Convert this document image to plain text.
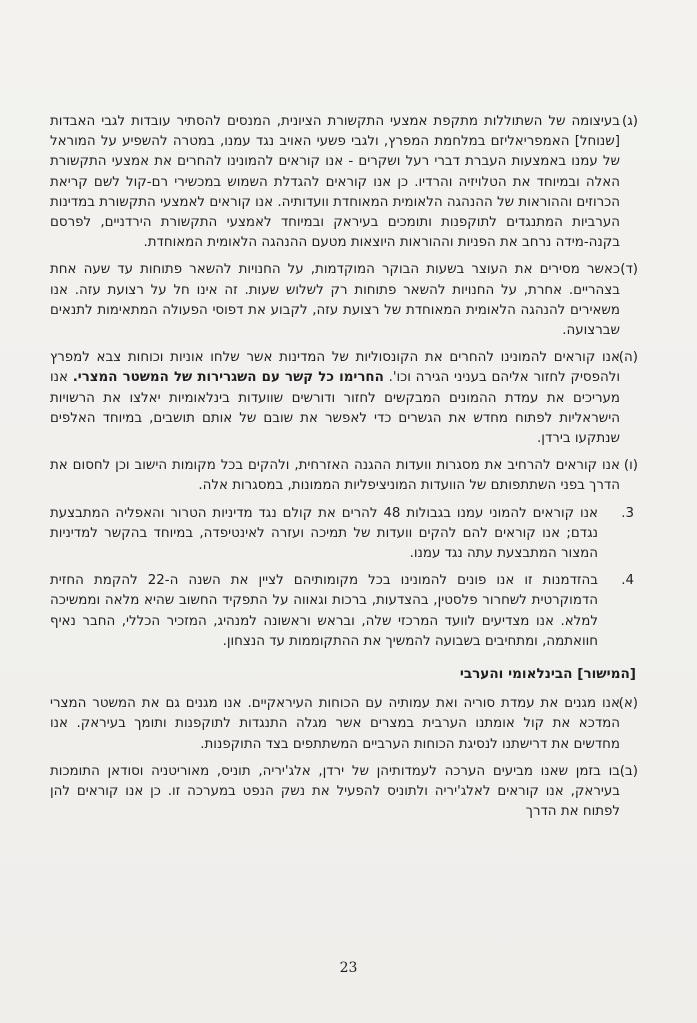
(ג)
בעיצומה של השתוללות מתקפת אמצעי התקשורת הציונית, המנסים להסתיר עובדות לגבי האבדות [שנוחל] האמפריאליזם במלחמת המפרץ, ולגבי פשעי האויב נגד עמנו, במטרה להשפיע על המוראל של עמנו באמצעות העברת דברי רעל ושקרים - אנו קוראים להמונינו להחרים את אמצעי התקשורת האלה ובמיוחד את הטלויזיה והרדיו. כן אנו קוראים להגדלת השמוש במכשירי רם-קול לשם קריאת הכרוזים וההוראות של ההנהגה הלאומית המאוחדת וועדותיה. אנו קוראים לאמצעי התקשורת במדינות הערביות המתנגדים לתוקפנות ותומכים בעיראק ובמיוחד לאמצעי התקשורת הירדניים, לפרסם בקנה-מידה נרחב את הפניות וההוראות היוצאות מטעם ההנהגה הלאומית המאוחדת.
(ד)
כאשר מסירים את העוצר בשעות הבוקר המוקדמות, על החנויות להשאר פתוחות עד שעה אחת בצהריים. אחרת, על החנויות להשאר פתוחות רק לשלוש שעות. זה אינו חל על רצועת עזה. אנו משאירים להנהגה הלאומית המאוחדת של רצועת עזה, לקבוע את דפוסי הפעולה המתאימות לתנאים שברצועה.
(ה)
אנו קוראים להמונינו להחרים את הקונסוליות של המדינות אשר שלחו אוניות וכוחות צבא למפרץ ולהפסיק לחזור אליהם בעניני הגירה וכו'. החרימו כל קשר עם השגרירות של המשטר המצרי. אנו מעריכים את עמדת ההמונים המבקשים לחזור ודורשים שוועדות בינלאומיות יאלצו את הרשויות הישראליות לפתוח מחדש את הגשרים כדי לאפשר את שובם של אותם תושבים, במיוחד האלפים שנתקעו בירדן.
(ו)
אנו קוראים להרחיב את מסגרות וועדות ההגנה האזרחית, ולהקים בכל מקומות הישוב וכן לחסום את הדרך בפני השתתפותם של הוועדות המוניציפליות הממונות, במסגרות אלה.
3.
אנו קוראים להמוני עמנו בגבולות 48 להרים את קולם נגד מדיניות הטרור והאפליה המתבצעת נגדם; אנו קוראים להם להקים וועדות של תמיכה ועזרה לאינטיפדה, במיוחד בהקשר למדיניות המצור המתבצעת עתה נגד עמנו.
4.
בהזדמנות זו אנו פונים להמונינו בכל מקומותיהם לציין את השנה ה-22 להקמת החזית הדמוקרטית לשחרור פלסטין, בהצדעות, ברכות וגאווה על התפקיד החשוב שהיא מלאה וממשיכה למלא. אנו מצדיעים לוועד המרכזי שלה, ובראש וראשונה למנהיג, המזכיר הכללי, החבר נאיף חוואתמה, ומתחיבים בשבועה להמשיך את ההתקוממות עד הנצחון.
[המישור] הבינלאומי והערבי
(א)
אנו מגנים את עמדת סוריה ואת עמותיה עם הכוחות העיראקיים. אנו מגנים גם את המשטר המצרי המדכא את קול אומתנו הערבית במצרים אשר מגלה התנגדות לתוקפנות ותומך בעיראק. אנו מחדשים את דרישתנו לנסיגת הכוחות הערביים המשתתפים בצד התוקפנות.
(ב)
בו בזמן שאנו מביעים הערכה לעמדותיהן של ירדן, אלג'יריה, תוניס, מאוריטניה וסודאן התומכות בעיראק, אנו קוראים לאלג'יריה ולתוניס להפעיל את נשק הנפט במערכה זו. כן אנו קוראים להן לפתוח את הדרך
23
